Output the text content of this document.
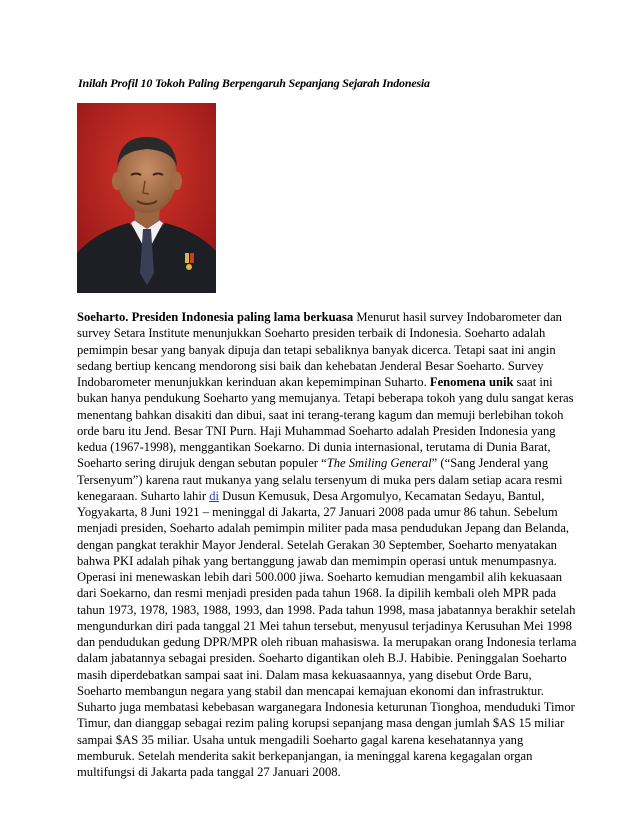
Inilah Profil 10 Tokoh Paling Berpengaruh Sepanjang Sejarah Indonesia

Soeharto. Presiden Indonesia paling lama berkuasa Menurut hasil survey Indobarometer dan survey Setara Institute menunjukkan Soeharto presiden terbaik di Indonesia. Soeharto adalah pemimpin besar yang banyak dipuja dan tetapi sebaliknya banyak dicerca. Tetapi saat ini angin sedang bertiup kencang mendorong sisi baik dan kehebatan Jenderal Besar Soeharto. Survey Indobarometer menunjukkan kerinduan akan kepemimpinan Suharto. Fenomena unik saat ini bukan hanya pendukung Soeharto yang memujanya. Tetapi beberapa tokoh yang dulu sangat keras menentang bahkan disakiti dan dibui, saat ini terang-terang kagum dan memuji berlebihan tokoh orde baru itu Jend. Besar TNI Purn. Haji Muhammad Soeharto adalah Presiden Indonesia yang kedua (1967-1998), menggantikan Soekarno. Di dunia internasional, terutama di Dunia Barat, Soeharto sering dirujuk dengan sebutan populer “The Smiling General” (“Sang Jenderal yang Tersenyum”) karena raut mukanya yang selalu tersenyum di muka pers dalam setiap acara resmi kenegaraan. Suharto lahir di Dusun Kemusuk, Desa Argomulyo, Kecamatan Sedayu, Bantul, Yogyakarta, 8 Juni 1921 – meninggal di Jakarta, 27 Januari 2008 pada umur 86 tahun. Sebelum menjadi presiden, Soeharto adalah pemimpin militer pada masa pendudukan Jepang dan Belanda, dengan pangkat terakhir Mayor Jenderal. Setelah Gerakan 30 September, Soeharto menyatakan bahwa PKI adalah pihak yang bertanggung jawab dan memimpin operasi untuk menumpasnya. Operasi ini menewaskan lebih dari 500.000 jiwa. Soeharto kemudian mengambil alih kekuasaan dari Soekarno, dan resmi menjadi presiden pada tahun 1968. Ia dipilih kembali oleh MPR pada tahun 1973, 1978, 1983, 1988, 1993, dan 1998. Pada tahun 1998, masa jabatannya berakhir setelah mengundurkan diri pada tanggal 21 Mei tahun tersebut, menyusul terjadinya Kerusuhan Mei 1998 dan pendudukan gedung DPR/MPR oleh ribuan mahasiswa. Ia merupakan orang Indonesia terlama dalam jabatannya sebagai presiden. Soeharto digantikan oleh B.J. Habibie. Peninggalan Soeharto masih diperdebatkan sampai saat ini. Dalam masa kekuasaannya, yang disebut Orde Baru, Soeharto membangun negara yang stabil dan mencapai kemajuan ekonomi dan infrastruktur. Suharto juga membatasi kebebasan warganegara Indonesia keturunan Tionghoa, menduduki Timor Timur, dan dianggap sebagai rezim paling korupsi sepanjang masa dengan jumlah $AS 15 miliar sampai $AS 35 miliar. Usaha untuk mengadili Soeharto gagal karena kesehatannya yang memburuk. Setelah menderita sakit berkepanjangan, ia meninggal karena kegagalan organ multifungsi di Jakarta pada tanggal 27 Januari 2008.
